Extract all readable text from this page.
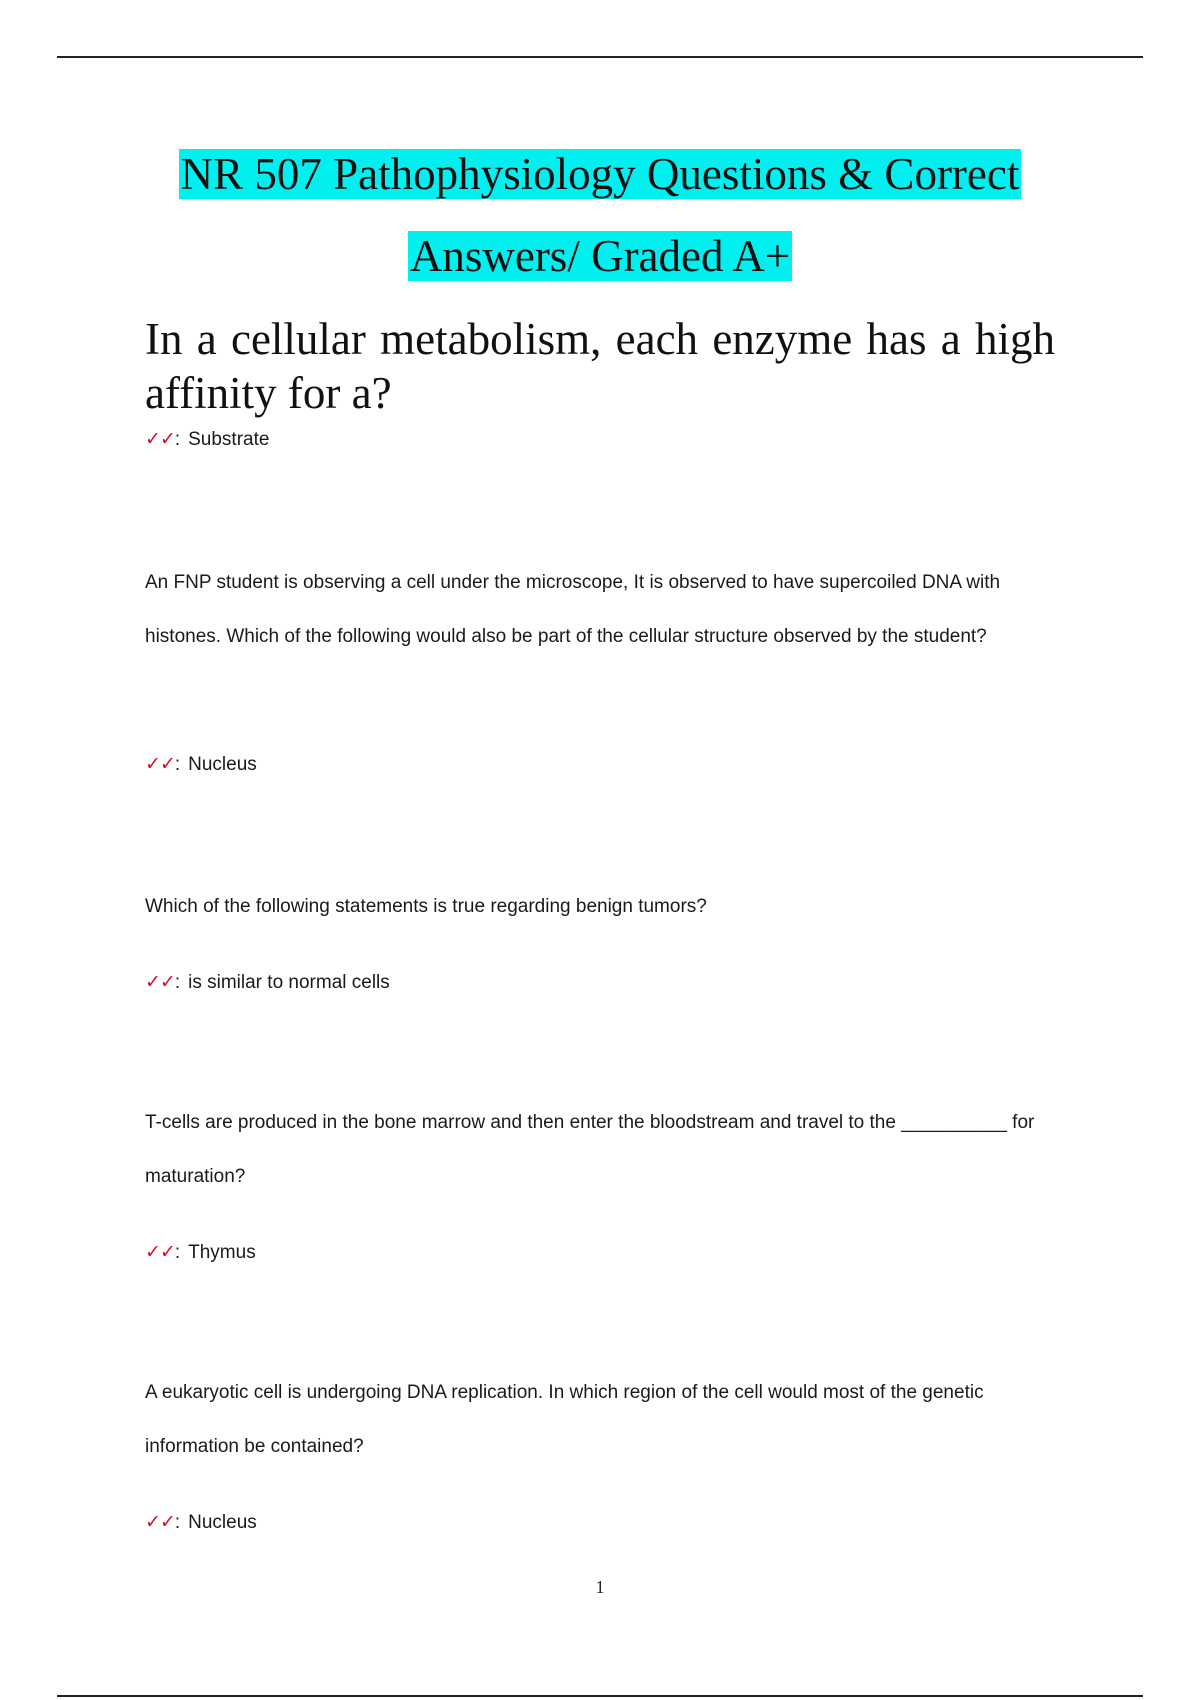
NR 507 Pathophysiology Questions & Correct
Answers/ Graded A+
In a cellular metabolism, each enzyme has a high affinity for a?
✓✓: Substrate
An FNP student is observing a cell under the microscope, It is observed to have supercoiled DNA with histones. Which of the following would also be part of the cellular structure observed by the student?
✓✓: Nucleus
Which of the following statements is true regarding benign tumors?
✓✓: is similar to normal cells
T-cells are produced in the bone marrow and then enter the bloodstream and travel to the __________ for maturation?
✓✓: Thymus
A eukaryotic cell is undergoing DNA replication. In which region of the cell would most of the genetic information be contained?
✓✓: Nucleus
1
